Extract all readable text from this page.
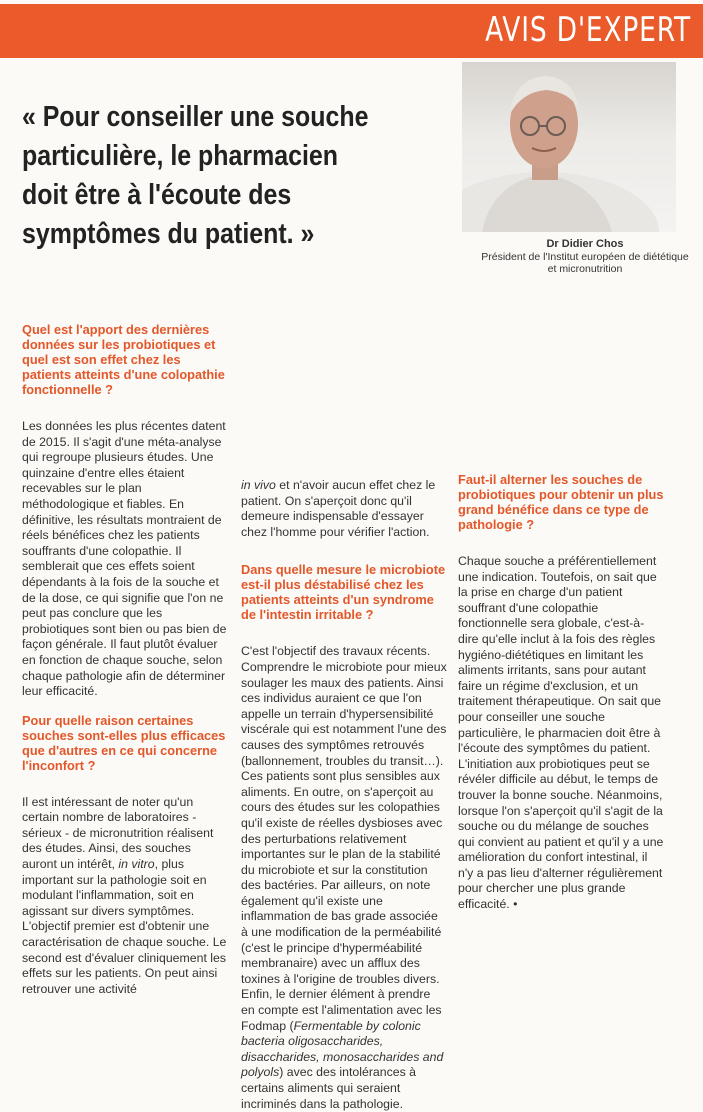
AVIS D'EXPERT

« Pour conseiller une souche particulière, le pharmacien doit être à l'écoute des symptômes du patient. »	Dr Didier Chos
Président de l'Institut européen de diététique et micronutrition
Quel est l'apport des dernières données sur les probiotiques et quel est son effet chez les patients atteints d'une colopathie fonctionnelle ?

Les données les plus récentes datent de 2015. Il s'agit d'une méta-analyse qui regroupe plusieurs études. Une quinzaine d'entre elles étaient recevables sur le plan méthodologique et fiables. En définitive, les résultats montraient de réels bénéfices chez les patients souffrants d'une colopathie. Il semblerait que ces effets soient dépendants à la fois de la souche et de la dose, ce qui signifie que l'on ne peut pas conclure que les probiotiques sont bien ou pas bien de façon générale. Il faut plutôt évaluer en fonction de chaque souche, selon chaque pathologie afin de déterminer leur efficacité.

Pour quelle raison certaines souches sont-elles plus efficaces que d'autres en ce qui concerne l'inconfort ?

Il est intéressant de noter qu'un certain nombre de laboratoires - sérieux - de micronutrition réalisent des études. Ainsi, des souches auront un intérêt, in vitro, plus important sur la pathologie soit en modulant l'inflammation, soit en agissant sur divers symptômes. L'objectif premier est d'obtenir une caractérisation de chaque souche. Le second est d'évaluer cliniquement les effets sur les patients. On peut ainsi retrouver une activité

in vivo et n'avoir aucun effet chez le patient. On s'aperçoit donc qu'il demeure indispensable d'essayer chez l'homme pour vérifier l'action.

Dans quelle mesure le microbiote est-il plus déstabilisé chez les patients atteints d'un syndrome de l'intestin irritable ?

C'est l'objectif des travaux récents. Comprendre le microbiote pour mieux soulager les maux des patients. Ainsi ces individus auraient ce que l'on appelle un terrain d'hypersensibilité viscérale qui est notamment l'une des causes des symptômes retrouvés (ballonnement, troubles du transit…). Ces patients sont plus sensibles aux aliments. En outre, on s'aperçoit au cours des études sur les colopathies qu'il existe de réelles dysbioses avec des perturbations relativement importantes sur le plan de la stabilité du microbiote et sur la constitution des bactéries. Par ailleurs, on note également qu'il existe une inflammation de bas grade associée à une modification de la perméabilité (c'est le principe d'hyperméabilité membranaire) avec un afflux des toxines à l'origine de troubles divers. Enfin, le dernier élément à prendre en compte est l'alimentation avec les Fodmap (Fermentable by colonic bacteria oligosaccharides, disaccharides, monosaccharides and polyols) avec des intolérances à certains aliments qui seraient incriminés dans la pathologie.

Faut-il alterner les souches de probiotiques pour obtenir un plus grand bénéfice dans ce type de pathologie ?

Chaque souche a préférentiellement une indication. Toutefois, on sait que la prise en charge d'un patient souffrant d'une colopathie fonctionnelle sera globale, c'est-à-dire qu'elle inclut à la fois des règles hygiéno-diététiques en limitant les aliments irritants, sans pour autant faire un régime d'exclusion, et un traitement thérapeutique. On sait que pour conseiller une souche particulière, le pharmacien doit être à l'écoute des symptômes du patient. L'initiation aux probiotiques peut se révéler difficile au début, le temps de trouver la bonne souche. Néanmoins, lorsque l'on s'aperçoit qu'il s'agit de la souche ou du mélange de souches qui convient au patient et qu'il y a une amélioration du confort intestinal, il n'y a pas lieu d'alterner régulièrement pour chercher une plus grande efficacité. •
